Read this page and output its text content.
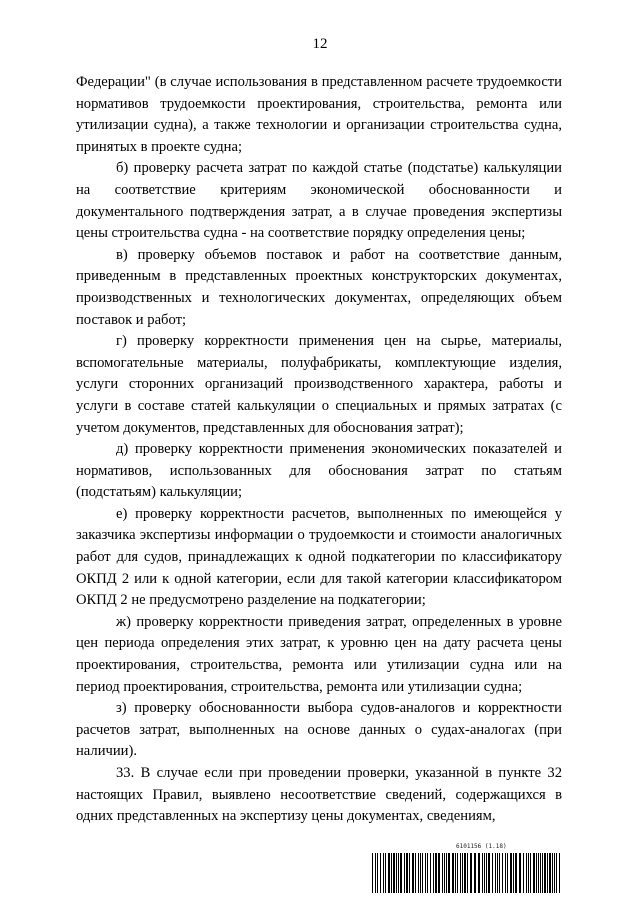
12

Федерации" (в случае использования в представленном расчете трудоемкости нормативов трудоемкости проектирования, строительства, ремонта или утилизации судна), а также технологии и организации строительства судна, принятых в проекте судна;

б) проверку расчета затрат по каждой статье (подстатье) калькуляции на соответствие критериям экономической обоснованности и документального подтверждения затрат, а в случае проведения экспертизы цены строительства судна - на соответствие порядку определения цены;

в) проверку объемов поставок и работ на соответствие данным, приведенным в представленных проектных конструкторских документах, производственных и технологических документах, определяющих объем поставок и работ;

г) проверку корректности применения цен на сырье, материалы, вспомогательные материалы, полуфабрикаты, комплектующие изделия, услуги сторонних организаций производственного характера, работы и услуги в составе статей калькуляции о специальных и прямых затратах (с учетом документов, представленных для обоснования затрат);

д) проверку корректности применения экономических показателей и нормативов, использованных для обоснования затрат по статьям (подстатьям) калькуляции;

е) проверку корректности расчетов, выполненных по имеющейся у заказчика экспертизы информации о трудоемкости и стоимости аналогичных работ для судов, принадлежащих к одной подкатегории по классификатору ОКПД 2 или к одной категории, если для такой категории классификатором ОКПД 2 не предусмотрено разделение на подкатегории;

ж) проверку корректности приведения затрат, определенных в уровне цен периода определения этих затрат, к уровню цен на дату расчета цены проектирования, строительства, ремонта или утилизации судна или на период проектирования, строительства, ремонта или утилизации судна;

з) проверку обоснованности выбора судов-аналогов и корректности расчетов затрат, выполненных на основе данных о судах-аналогах (при наличии).

33. В случае если при проведении проверки, указанной в пункте 32 настоящих Правил, выявлено несоответствие сведений, содержащихся в одних представленных на экспертизу цены документах, сведениям,

6101156 (1.18)
